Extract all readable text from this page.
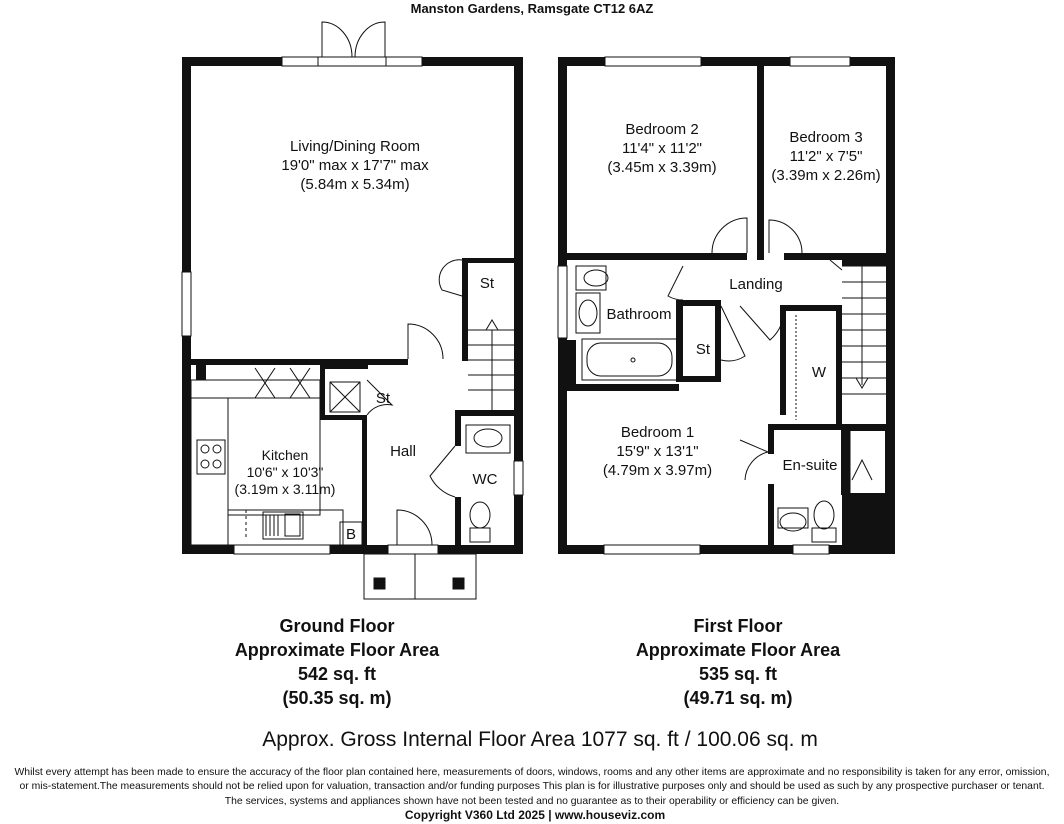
Manston Gardens, Ramsgate CT12 6AZ
Living/Dining Room
19'0" max x 17'7" max
(5.84m x 5.34m)
Kitchen
10'6" x 10'3"
(3.19m x 3.11m)
Hall
WC
St
St
B
Bedroom 2
11'4" x 11'2"
(3.45m x 3.39m)
Bedroom 3
11'2" x 7'5"
(3.39m x 2.26m)
Bedroom 1
15'9" x 13'1"
(4.79m x 3.97m)
Landing
Bathroom
St
W
En-suite
Ground Floor
Approximate Floor Area
542 sq. ft
(50.35 sq. m)
First Floor
Approximate Floor Area
535 sq. ft
(49.71 sq. m)
Approx. Gross Internal Floor Area 1077 sq. ft / 100.06 sq. m
Whilst every attempt has been made to ensure the accuracy of the floor plan contained here, measurements of doors, windows, rooms and any other items are approximate and no responsibility is taken for any error, omission,
or mis-statement.The measurements should not be relied upon for valuation, transaction and/or funding purposes This plan is for illustrative purposes only and should be used as such by any prospective purchaser or tenant.
The services, systems and appliances shown have not been tested and no guarantee as to their operability or efficiency can be given.
Copyright V360 Ltd 2025 | www.houseviz.com
